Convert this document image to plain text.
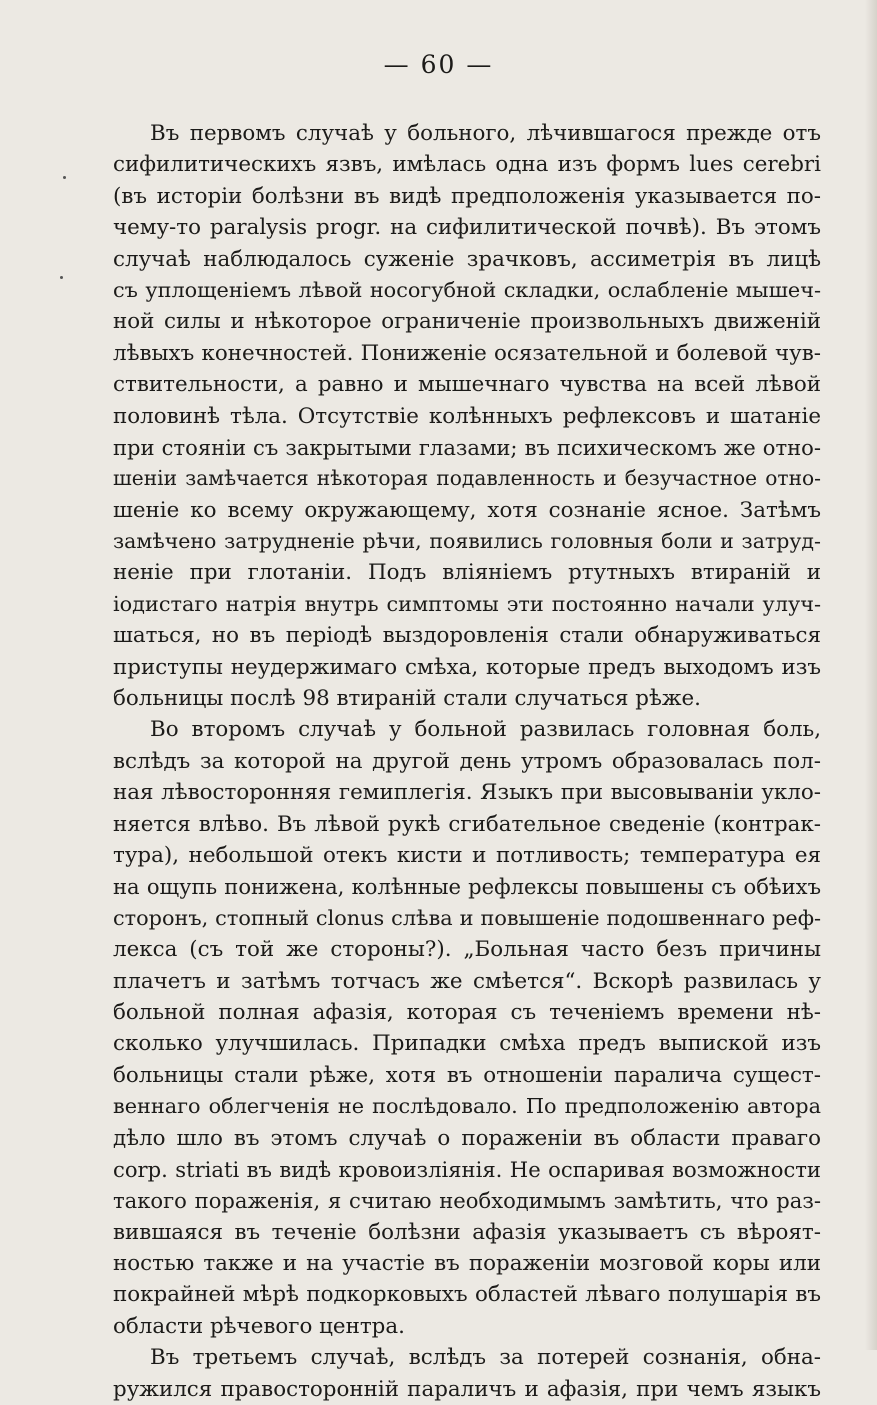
— 60 —
Въ первомъ случаѣ у больного, лѣчившагося прежде отъ
сифилитическихъ язвъ, имѣлась одна изъ формъ lues cerebri
(въ исторіи болѣзни въ видѣ предположенія указывается по-
чему-то paralysis progr. на сифилитической почвѣ). Въ этомъ
случаѣ наблюдалось суженіе зрачковъ, ассиметрія въ лицѣ
съ уплощеніемъ лѣвой носогубной складки, ослабленіе мышеч-
ной силы и нѣкоторое ограниченіе произвольныхъ движеній
лѣвыхъ конечностей. Пониженіе осязательной и болевой чув-
ствительности, а равно и мышечнаго чувства на всей лѣвой
половинѣ тѣла. Отсутствіе колѣнныхъ рефлексовъ и шатаніе
при стояніи съ закрытыми глазами; въ психическомъ же отно-
шеніи замѣчается нѣкоторая подавленность и безучастное отно-
шеніе ко всему окружающему, хотя сознаніе ясное. Затѣмъ
замѣчено затрудненіе рѣчи, появились головныя боли и затруд-
неніе при глотаніи. Подъ вліяніемъ ртутныхъ втираній и
іодистаго натрія внутрь симптомы эти постоянно начали улуч-
шаться, но въ періодѣ выздоровленія стали обнаруживаться
приступы неудержимаго смѣха, которые предъ выходомъ изъ
больницы послѣ 98 втираній стали случаться рѣже.
Во второмъ случаѣ у больной развилась головная боль,
вслѣдъ за которой на другой день утромъ образовалась пол-
ная лѣвосторонняя гемиплегія. Языкъ при высовываніи укло-
няется влѣво. Въ лѣвой рукѣ сгибательное сведеніе (контрак-
тура), небольшой отекъ кисти и потливость; температура ея
на ощупь понижена, колѣнные рефлексы повышены съ обѣихъ
сторонъ, стопный clonus слѣва и повышеніе подошвеннаго реф-
лекса (съ той же стороны?). „Больная часто безъ причины
плачетъ и затѣмъ тотчасъ же смѣется“. Вскорѣ развилась у
больной полная афазія, которая съ теченіемъ времени нѣ-
сколько улучшилась. Припадки смѣха предъ выпиской изъ
больницы стали рѣже, хотя въ отношеніи паралича сущест-
веннаго облегченія не послѣдовало. По предположенію автора
дѣло шло въ этомъ случаѣ о пораженіи въ области праваго
corp. striati въ видѣ кровоизліянія. Не оспаривая возможности
такого пораженія, я считаю необходимымъ замѣтить, что раз-
вившаяся въ теченіе болѣзни афазія указываетъ съ вѣроят-
ностью также и на участіе въ пораженіи мозговой коры или
покрайней мѣрѣ подкорковыхъ областей лѣваго полушарія въ
области рѣчевого центра.
Въ третьемъ случаѣ, вслѣдъ за потерей сознанія, обна-
ружился правосторонній параличъ и афазія, при чемъ языкъ
